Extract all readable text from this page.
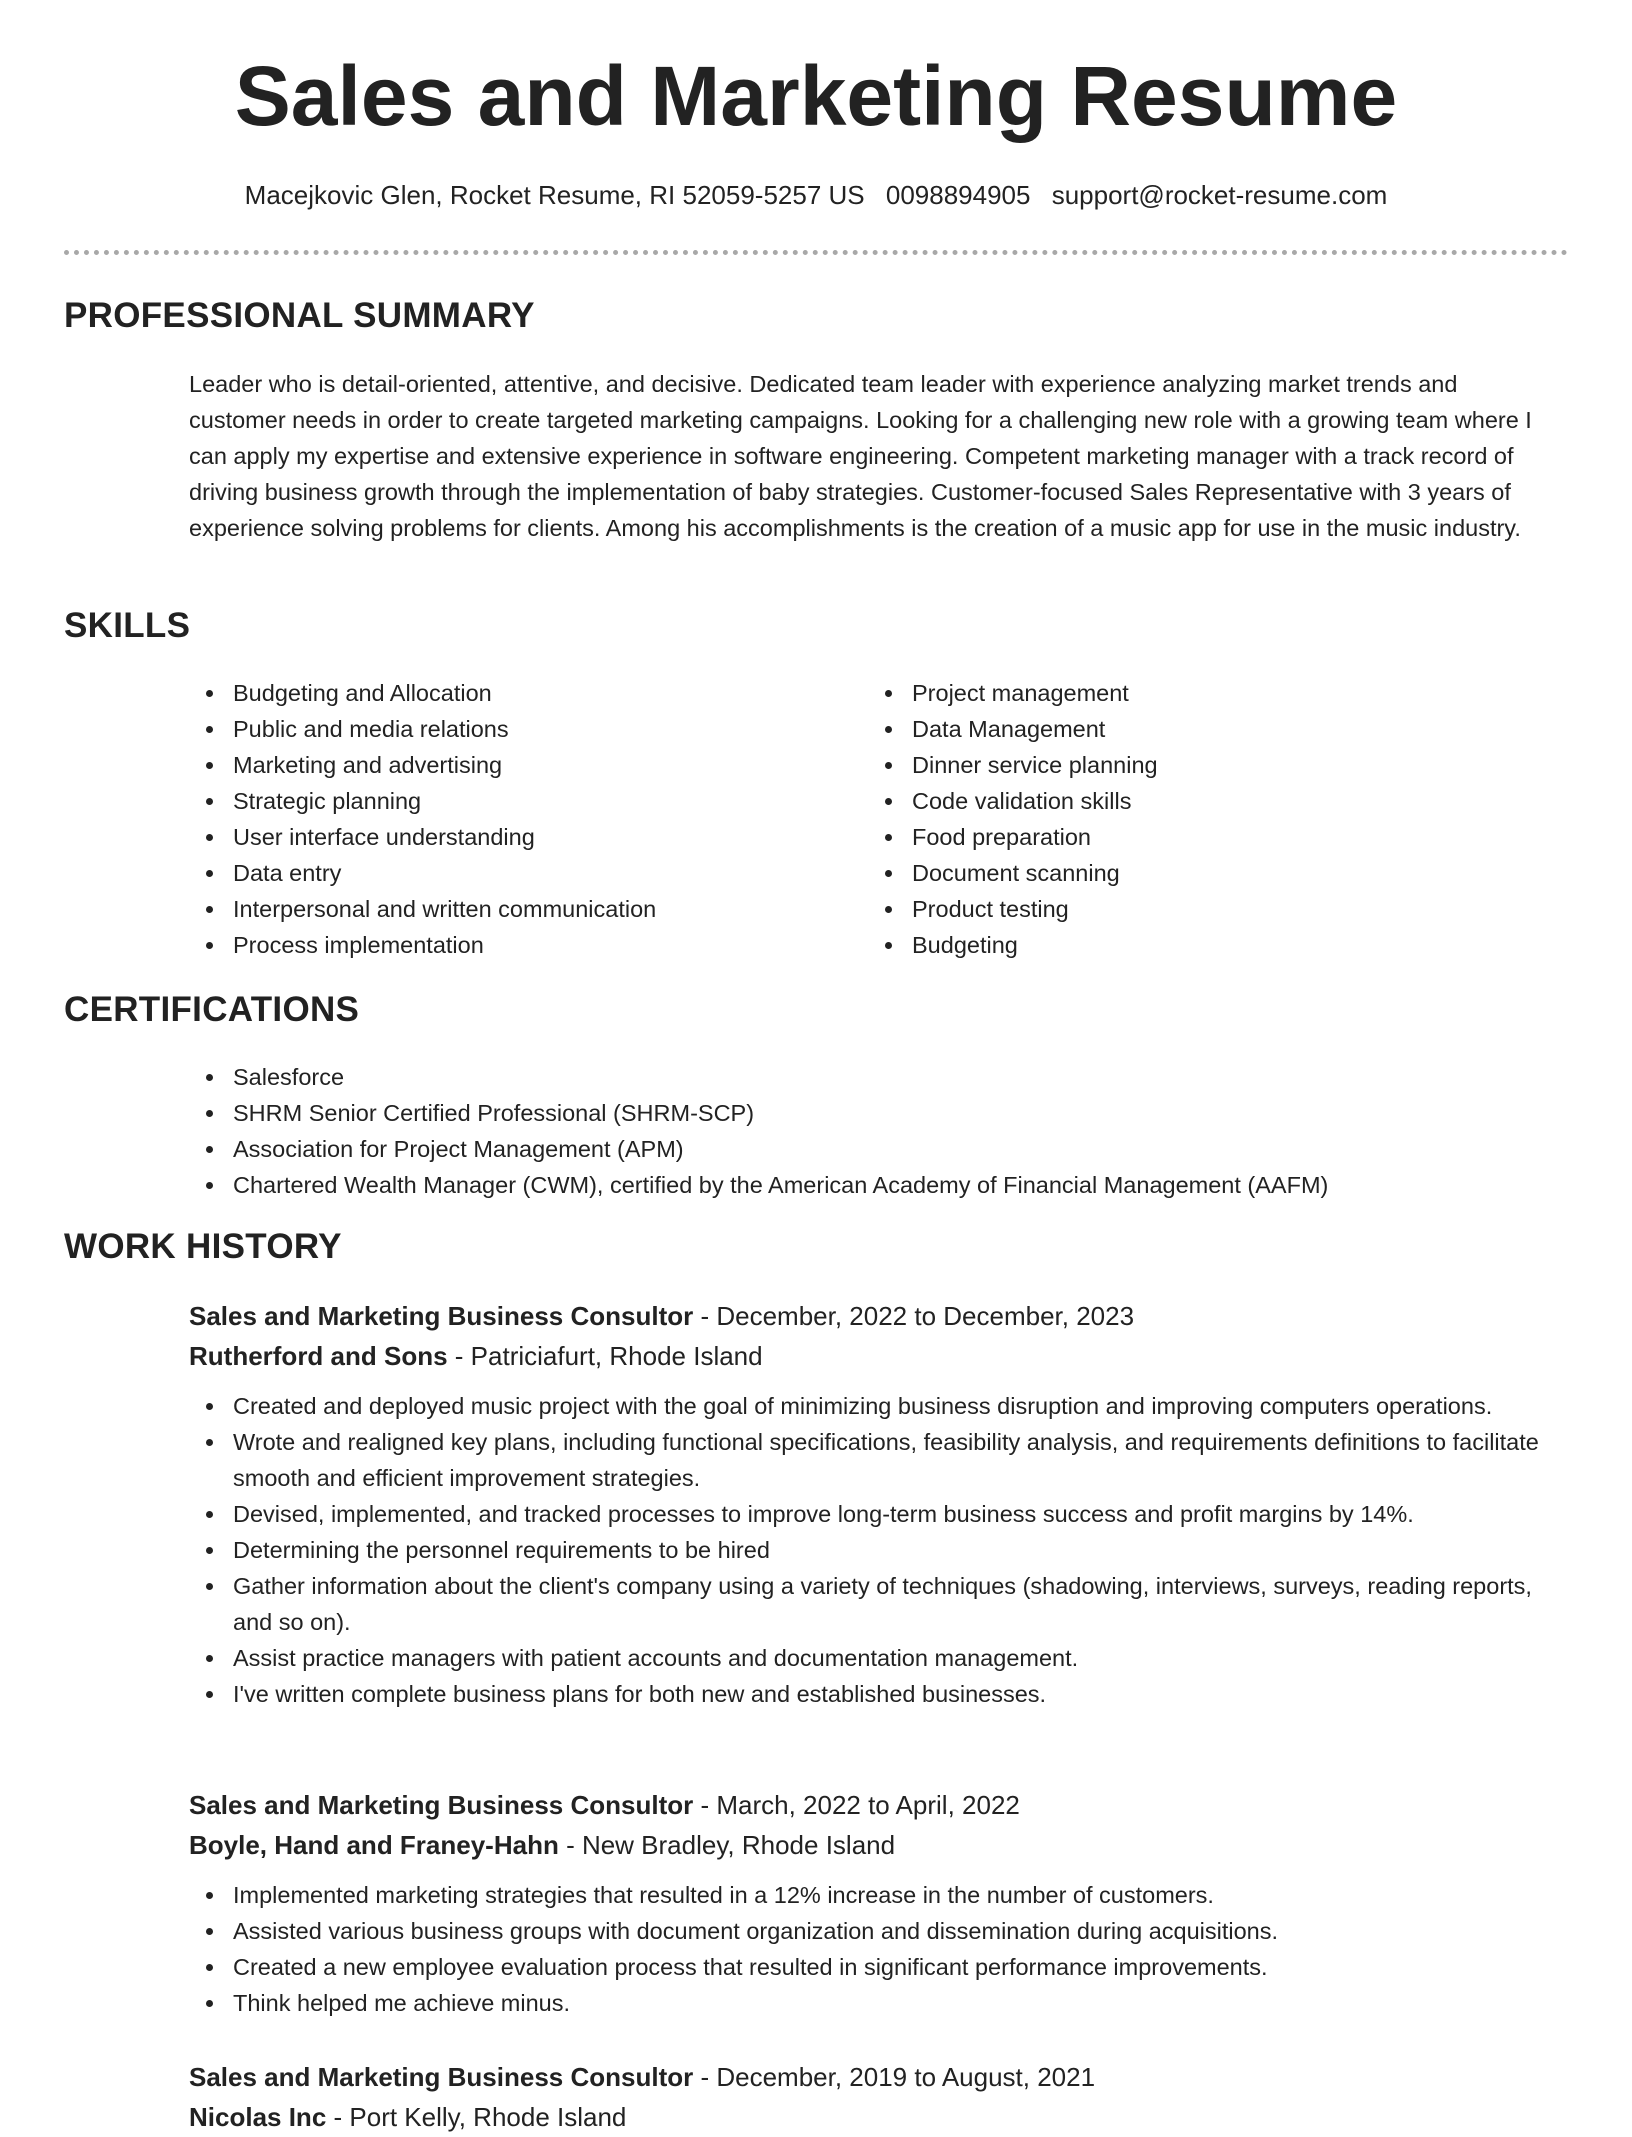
Sales and Marketing Resume
Macejkovic Glen, Rocket Resume, RI 52059-5257 US 0098894905 support@rocket-resume.com
PROFESSIONAL SUMMARY

Leader who is detail-oriented, attentive, and decisive. Dedicated team leader with experience analyzing market trends and customer needs in order to create targeted marketing campaigns. Looking for a challenging new role with a growing team where I can apply my expertise and extensive experience in software engineering. Competent marketing manager with a track record of driving business growth through the implementation of baby strategies. Customer-focused Sales Representative with 3 years of experience solving problems for clients. Among his accomplishments is the creation of a music app for use in the music industry.

SKILLS
Budgeting and Allocation
Public and media relations
Marketing and advertising
Strategic planning
User interface understanding
Data entry
Interpersonal and written communication
Process implementation
Project management
Data Management
Dinner service planning
Code validation skills
Food preparation
Document scanning
Product testing
Budgeting
CERTIFICATIONS
Salesforce
SHRM Senior Certified Professional (SHRM-SCP)
Association for Project Management (APM)
Chartered Wealth Manager (CWM), certified by the American Academy of Financial Management (AAFM)
WORK HISTORY

Sales and Marketing Business Consultor - December, 2022 to December, 2023

Rutherford and Sons - Patriciafurt, Rhode Island

Created and deployed music project with the goal of minimizing business disruption and improving computers operations.
Wrote and realigned key plans, including functional specifications, feasibility analysis, and requirements definitions to facilitate smooth and efficient improvement strategies.
Devised, implemented, and tracked processes to improve long-term business success and profit margins by 14%.
Determining the personnel requirements to be hired
Gather information about the client's company using a variety of techniques (shadowing, interviews, surveys, reading reports, and so on).
Assist practice managers with patient accounts and documentation management.
I've written complete business plans for both new and established businesses.

Sales and Marketing Business Consultor - March, 2022 to April, 2022

Boyle, Hand and Franey-Hahn - New Bradley, Rhode Island

Implemented marketing strategies that resulted in a 12% increase in the number of customers.
Assisted various business groups with document organization and dissemination during acquisitions.
Created a new employee evaluation process that resulted in significant performance improvements.
Think helped me achieve minus.

Sales and Marketing Business Consultor - December, 2019 to August, 2021

Nicolas Inc - Port Kelly, Rhode Island
